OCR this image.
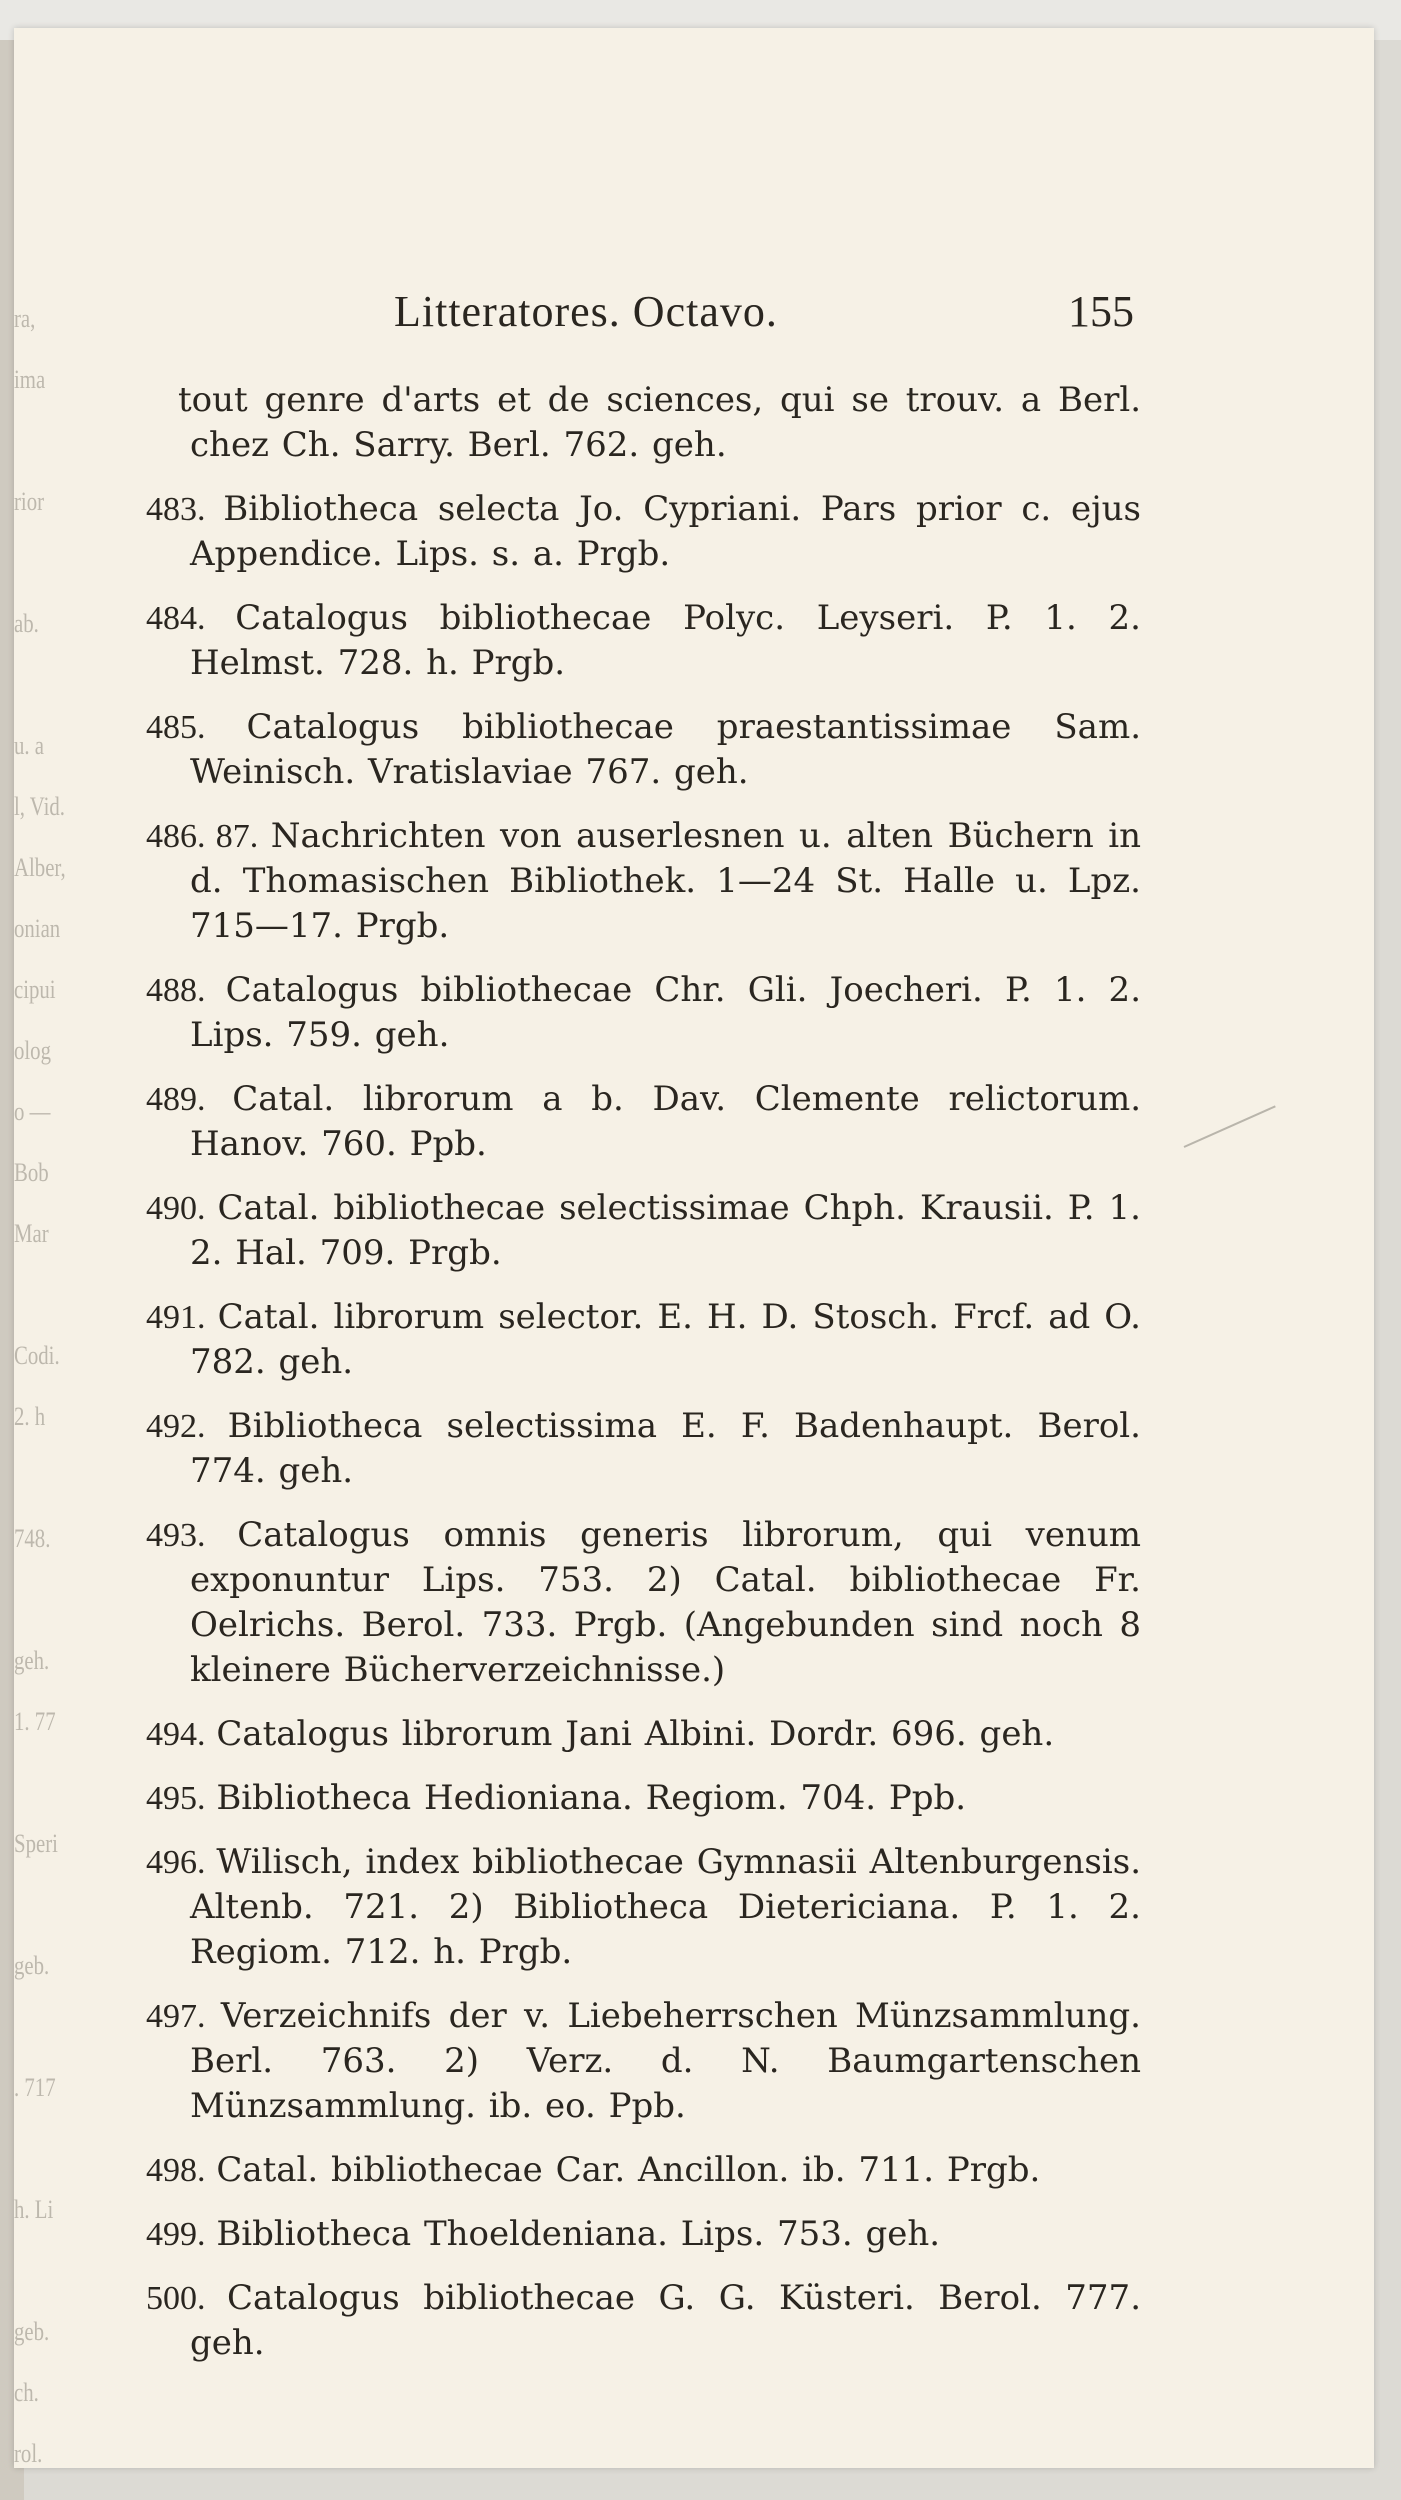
ra,
ima
rior
ab.
u. a
l, Vid.
Alber,
onian
cipui
olog
o —
Bob
Mar
Codi.
2. h
748.
geh.
1. 77
Speri
geb.
. 717
h. Li
geb.
ch.
rol.
Litteratores. Octavo.	155

tout genre d'arts et de sciences, qui se trouv. a Berl. chez Ch. Sarry. Berl. 762. geh.

483. Bibliotheca selecta Jo. Cypriani. Pars prior c. ejus Appendice. Lips. s. a. Prgb.

484. Catalogus bibliothecae Polyc. Leyseri. P. 1. 2. Helmst. 728. h. Prgb.

485. Catalogus bibliothecae praestantissimae Sam. Weinisch. Vratislaviae 767. geh.

486. 87. Nachrichten von auserlesnen u. alten Büchern in d. Thomasischen Bibliothek. 1—24 St. Halle u. Lpz. 715—17. Prgb.

488. Catalogus bibliothecae Chr. Gli. Joecheri. P. 1. 2. Lips. 759. geh.

489. Catal. librorum a b. Dav. Clemente relictorum. Hanov. 760. Ppb.

490. Catal. bibliothecae selectissimae Chph. Krausii. P. 1. 2. Hal. 709. Prgb.

491. Catal. librorum selector. E. H. D. Stosch. Frcf. ad O. 782. geh.

492. Bibliotheca selectissima E. F. Badenhaupt. Berol. 774. geh.

493. Catalogus omnis generis librorum, qui venum exponuntur Lips. 753. 2) Catal. bibliothecae Fr. Oelrichs. Berol. 733. Prgb. (Angebunden sind noch 8 kleinere Bücherverzeichnisse.)

494. Catalogus librorum Jani Albini. Dordr. 696. geh.

495. Bibliotheca Hedioniana. Regiom. 704. Ppb.

496. Wilisch, index bibliothecae Gymnasii Altenburgensis. Altenb. 721. 2) Bibliotheca Dietericiana. P. 1. 2. Regiom. 712. h. Prgb.

497. Verzeichnifs der v. Liebeherrschen Münzsammlung. Berl. 763. 2) Verz. d. N. Baumgartenschen Münzsammlung. ib. eo. Ppb.

498. Catal. bibliothecae Car. Ancillon. ib. 711. Prgb.

499. Bibliotheca Thoeldeniana. Lips. 753. geh.

500. Catalogus bibliothecae G. G. Küsteri. Berol. 777. geh.
